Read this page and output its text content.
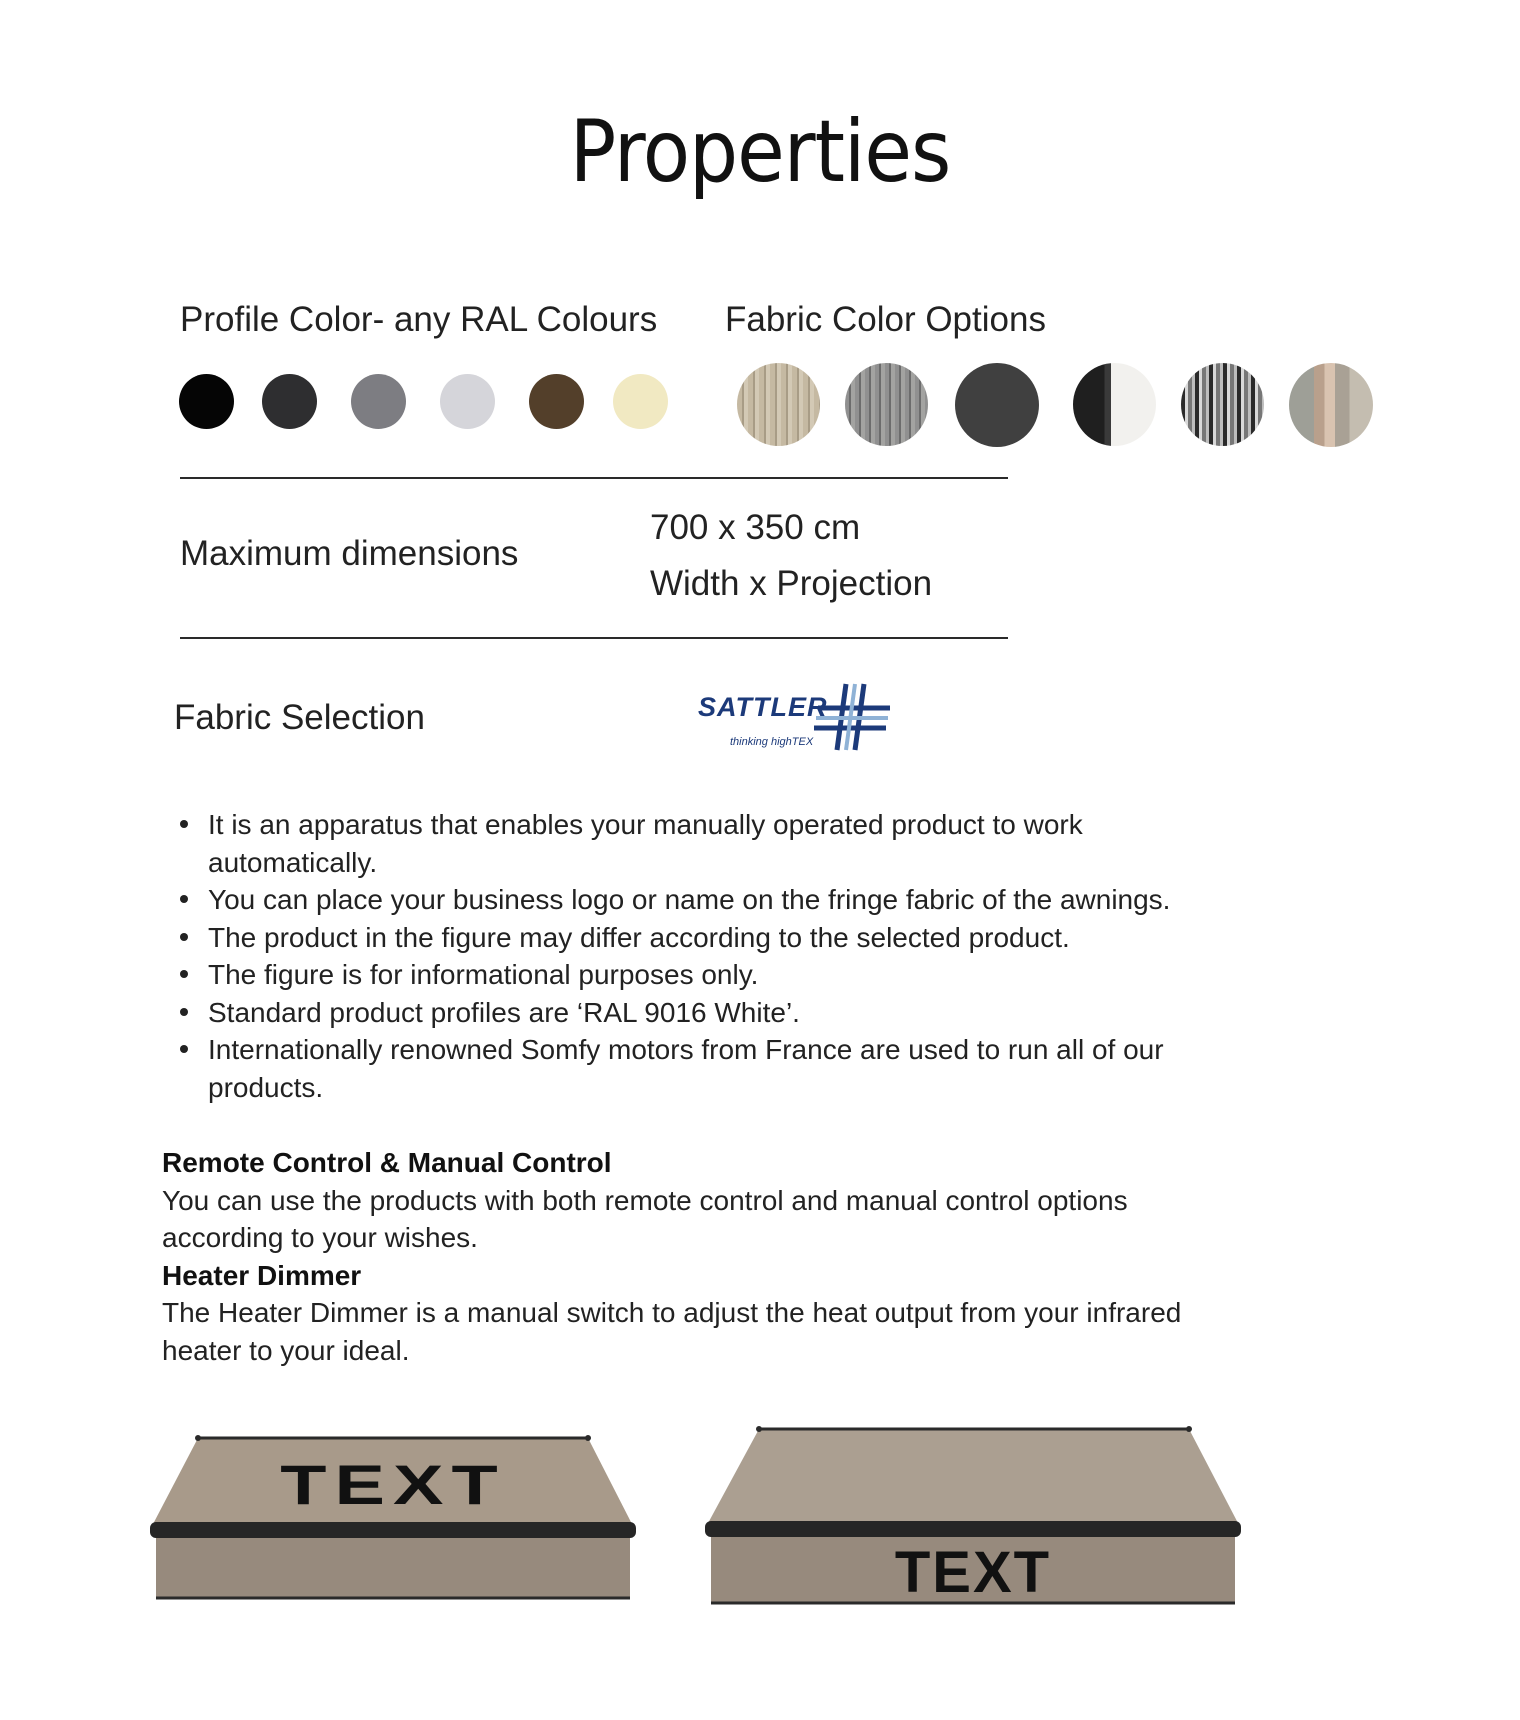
Properties
Profile Color- any RAL Colours Fabric Color Options
Maximum dimensions
700 x 350 cm
Width x Projection
Fabric Selection	SATTLER
thinking highTEX
It is an apparatus that enables your manually operated product to work automatically.
You can place your business logo or name on the fringe fabric of the awnings.
The product in the figure may differ according to the selected product.
The figure is for informational purposes only.
Standard product profiles are ‘RAL 9016 White’.
Internationally renowned Somfy motors from France are used to run all of our products.
Remote Control & Manual Control
You can use the products with both remote control and manual control options according to your wishes.
Heater Dimmer
The Heater Dimmer is a manual switch to adjust the heat output from your infrared heater to your ideal.
TEXT
TEXT
